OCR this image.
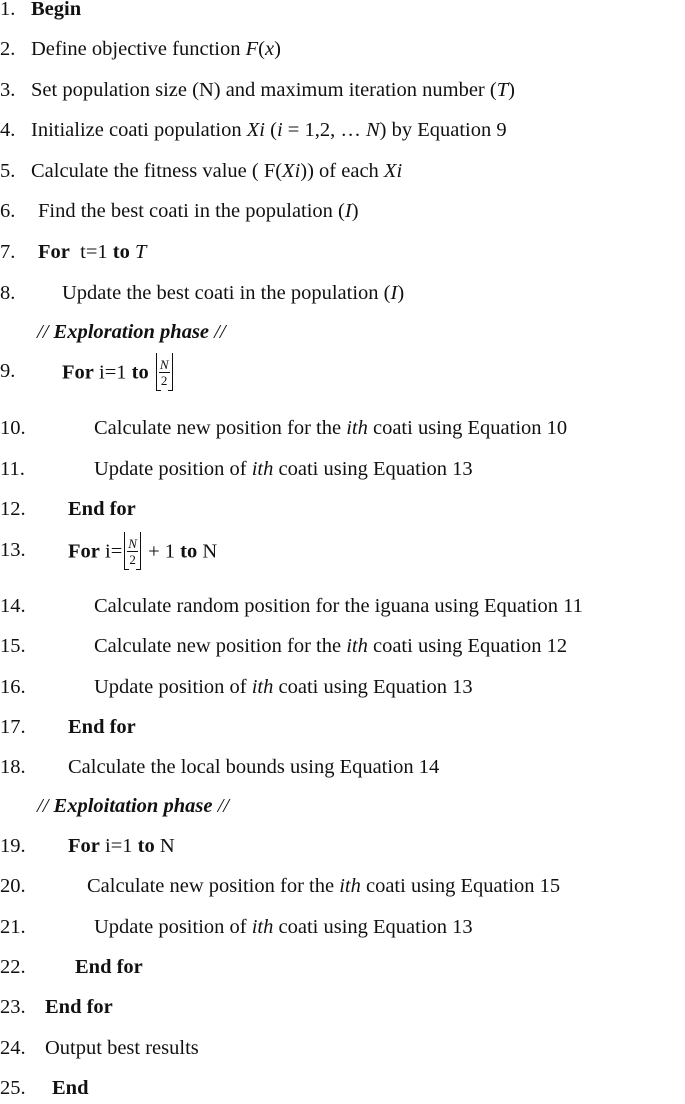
1. Begin
2. Define objective function F(x)
3. Set population size (N) and maximum iteration number (T)
4. Initialize coati population Xi (i = 1,2, … N) by Equation 9
5. Calculate the fitness value ( F(Xi)) of each Xi
6. Find the best coati in the population (I)
7. For  t=1 to T
8. Update the best coati in the population (I)
// Exploration phase //
9. For i=1 to $\frac{N}{2}$
10.	Calculate new position for the ith coati using Equation 10
11.	Update position of ith coati using Equation 13
12. End for
13. For $i= \frac{N}{2} + 1$ to N
14.	Calculate random position for the iguana using Equation 11
15.	Calculate new position for the ith coati using Equation 12
16.	Update position of ith coati using Equation 13
17. End for
18. Calculate the local bounds using Equation 14
// Exploitation phase //
19. For i=1 to N
20.	Calculate new position for the ith coati using Equation 15
21.	Update position of ith coati using Equation 13
22. End for
23. End for
24. Output best results
25. End
